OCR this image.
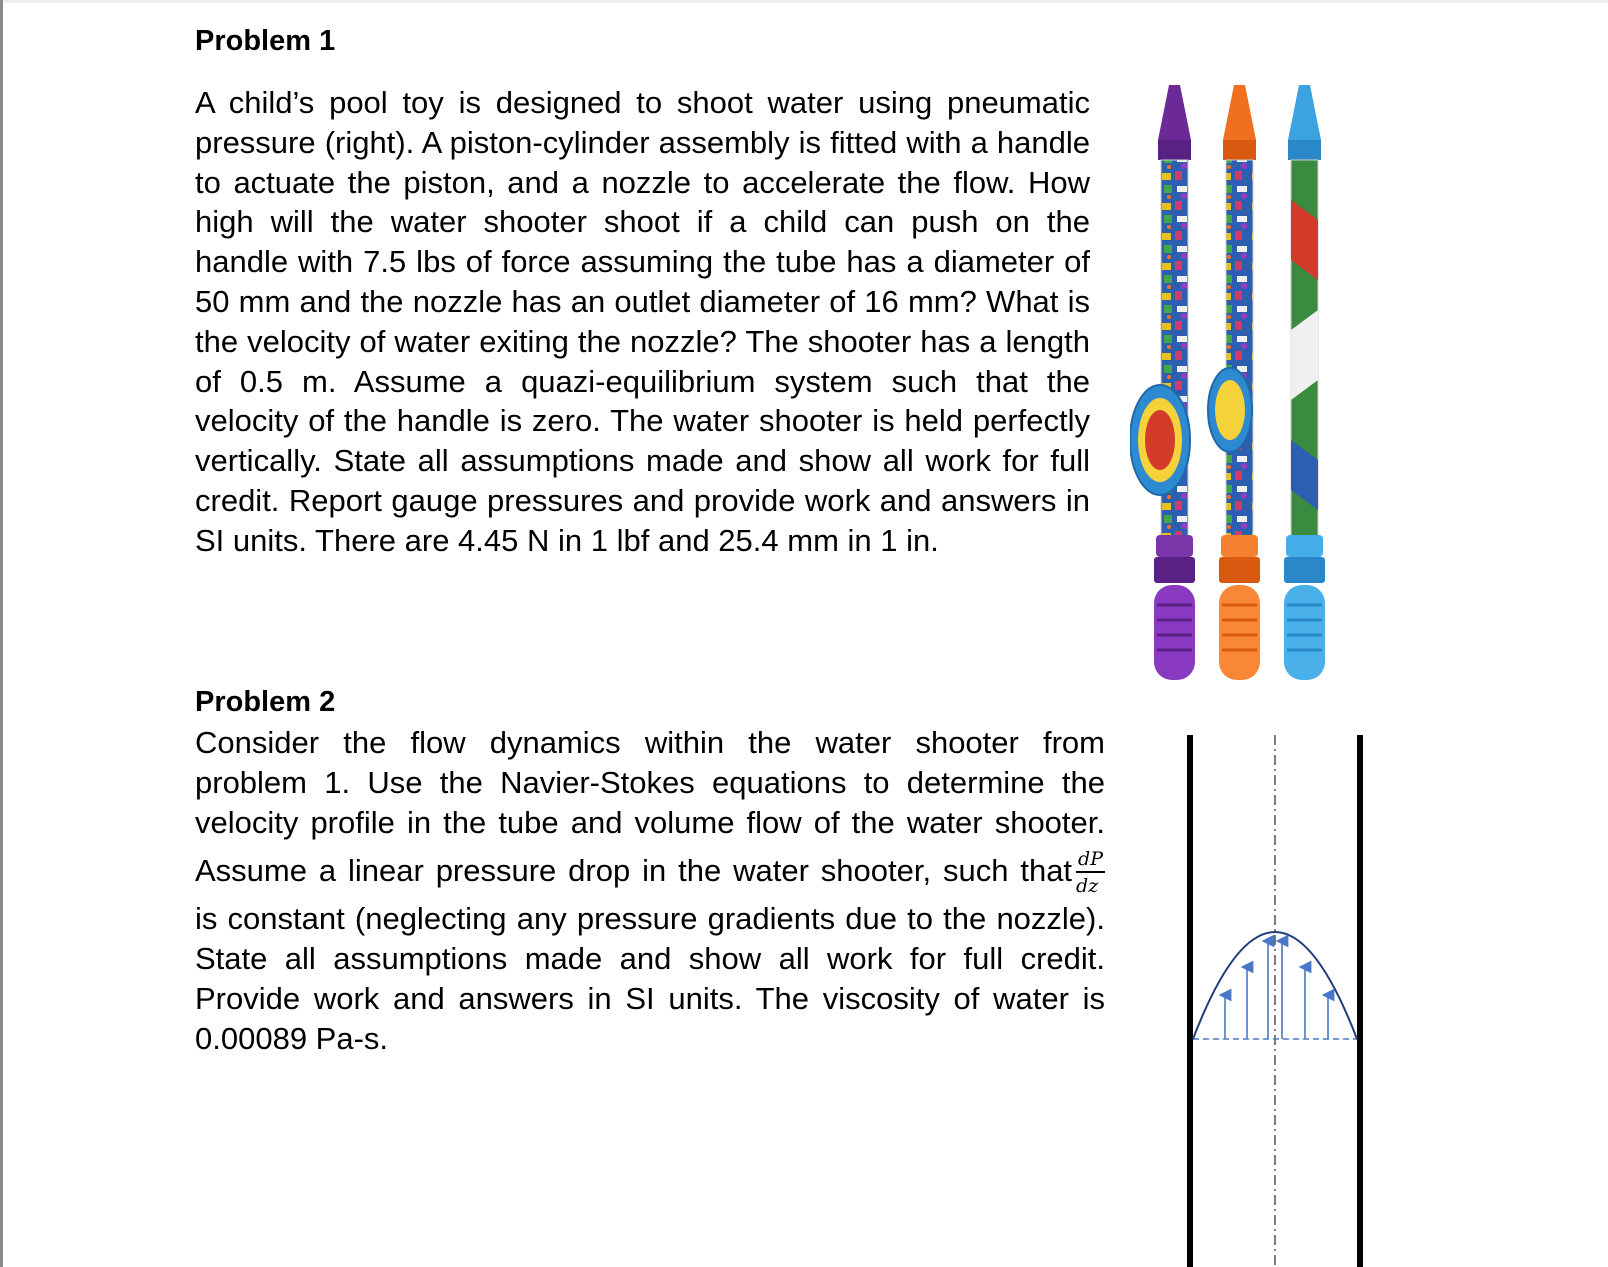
Problem 1

A child’s pool toy is designed to shoot water using pneumatic pressure (right). A piston-cylinder assembly is fitted with a handle to actuate the piston, and a nozzle to accelerate the flow. How high will the water shooter shoot if a child can push on the handle with 7.5 lbs of force assuming the tube has a diameter of 50 mm and the nozzle has an outlet diameter of 16 mm? What is the velocity of water exiting the nozzle? The shooter has a length of 0.5 m. Assume a quazi-equilibrium system such that the velocity of the handle is zero. The water shooter is held perfectly vertically. State all assumptions made and show all work for full credit. Report gauge pressures and provide work and answers in SI units. There are 4.45 N in 1 lbf and 25.4 mm in 1 in.

Problem 2
Consider the flow dynamics within the water shooter from
problem 1. Use the Navier-Stokes equations to determine the
velocity profile in the tube and volume flow of the water shooter.
Assume a linear pressure drop in the water shooter, such that $\frac{dP}{dz}$
is constant (neglecting any pressure gradients due to the nozzle).
State all assumptions made and show all work for full credit.
Provide work and answers in SI units. The viscosity of water is
0.00089 Pa-s.
